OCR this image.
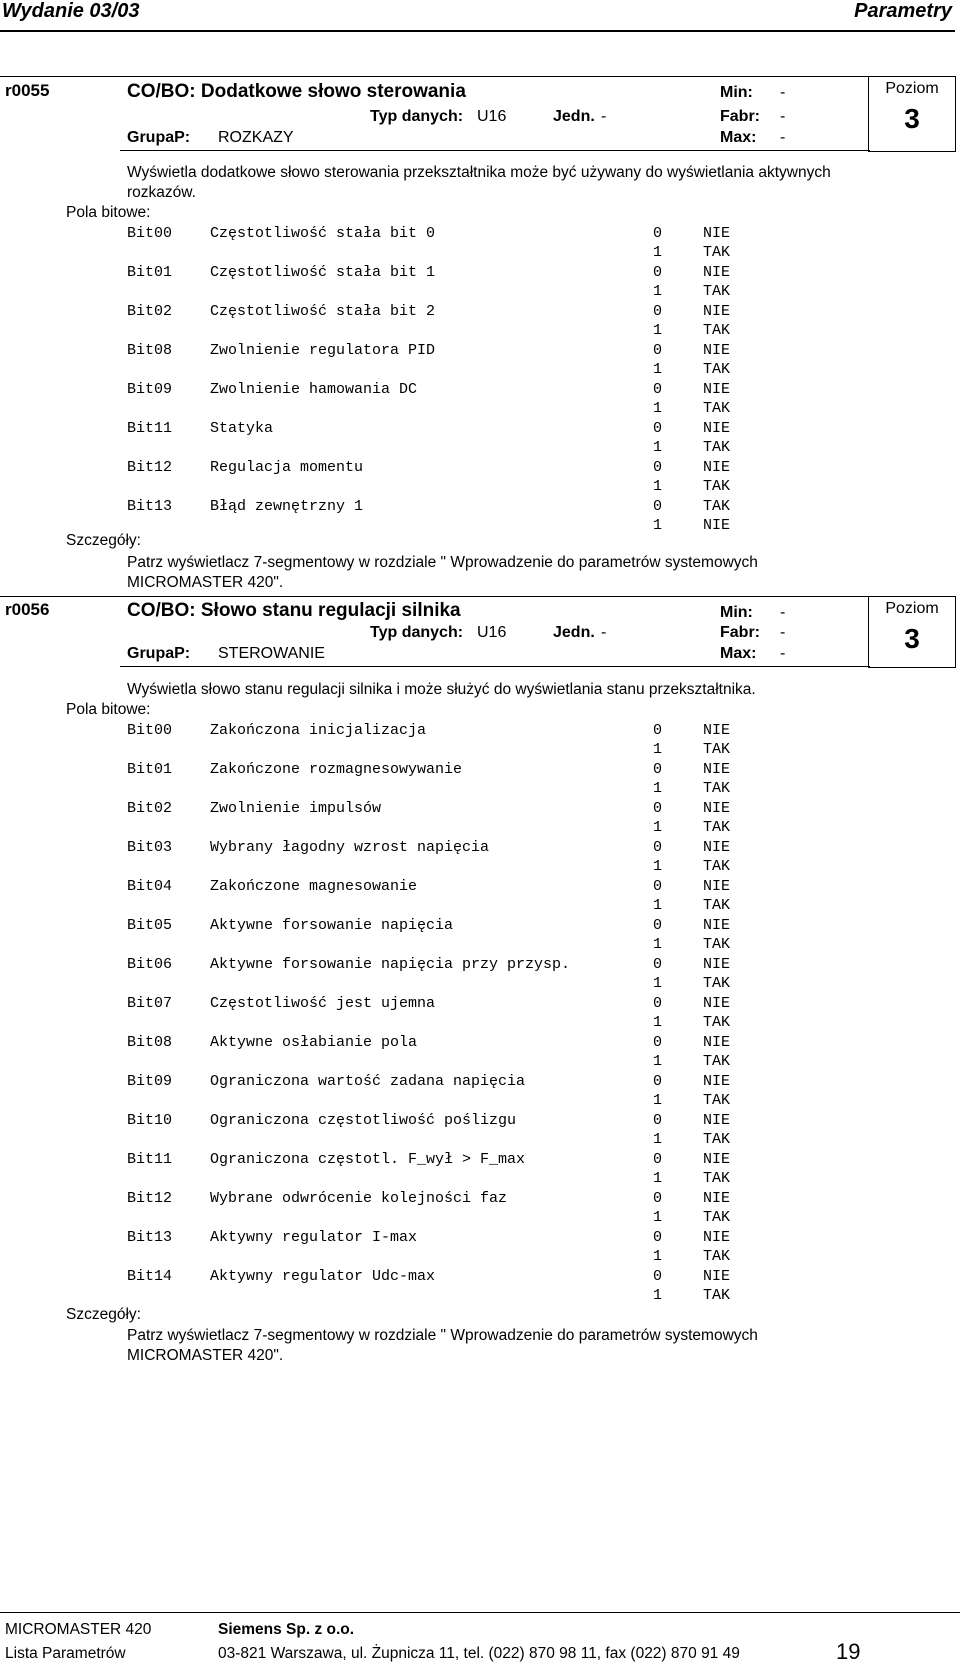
Wydanie 03/03	Parametry
r0055	CO/BO: Dodatkowe słowo sterowania
Typ danych: U16	Jedn. -
GrupaP: ROZKAZY
Min: -
Fabr: -
Max: -
Poziom
3
Wyświetla dodatkowe słowo sterowania przekształtnika może być używany do wyświetlania aktywnych
rozkazów.
Pola bitowe:
Bit00	Częstotliwość stała bit 0	0	NIE
1	TAK
Bit01	Częstotliwość stała bit 1	0	NIE
1	TAK
Bit02	Częstotliwość stała bit 2	0	NIE
1	TAK
Bit08	Zwolnienie regulatora PID	0	NIE
1	TAK
Bit09	Zwolnienie hamowania DC	0	NIE
1	TAK
Bit11	Statyka	0	NIE
1	TAK
Bit12	Regulacja momentu	0	NIE
1	TAK
Bit13	Błąd zewnętrzny 1	0	TAK
1	NIE
Szczegóły:
Patrz wyświetlacz 7-segmentowy w rozdziale " Wprowadzenie do parametrów systemowych
MICROMASTER 420".
r0056	CO/BO: Słowo stanu regulacji silnika
Typ danych: U16	Jedn. -
GrupaP: STEROWANIE
Min: -
Fabr: -
Max: -
Poziom
3
Wyświetla słowo stanu regulacji silnika i może służyć do wyświetlania stanu przekształtnika.
Pola bitowe:
Bit00	Zakończona inicjalizacja	0	NIE
1	TAK
Bit01	Zakończone rozmagnesowywanie	0	NIE
1	TAK
Bit02	Zwolnienie impulsów	0	NIE
1	TAK
Bit03	Wybrany łagodny wzrost napięcia	0	NIE
1	TAK
Bit04	Zakończone magnesowanie	0	NIE
1	TAK
Bit05	Aktywne forsowanie napięcia	0	NIE
1	TAK
Bit06	Aktywne forsowanie napięcia przy przysp.	0	NIE
1	TAK
Bit07	Częstotliwość jest ujemna	0	NIE
1	TAK
Bit08	Aktywne osłabianie pola	0	NIE
1	TAK
Bit09	Ograniczona wartość zadana napięcia	0	NIE
1	TAK
Bit10	Ograniczona częstotliwość poślizgu	0	NIE
1	TAK
Bit11	Ograniczona częstotl. F_wył > F_max	0	NIE
1	TAK
Bit12	Wybrane odwrócenie kolejności faz	0	NIE
1	TAK
Bit13	Aktywny regulator I-max	0	NIE
1	TAK
Bit14	Aktywny regulator Udc-max	0	NIE
1	TAK
Szczegóły:
Patrz wyświetlacz 7-segmentowy w rozdziale " Wprowadzenie do parametrów systemowych
MICROMASTER 420".
MICROMASTER 420
Lista Parametrów
Siemens Sp. z o.o.
03-821 Warszawa, ul. Żupnicza 11, tel. (022) 870 98 11, fax (022) 870 91 49	19
